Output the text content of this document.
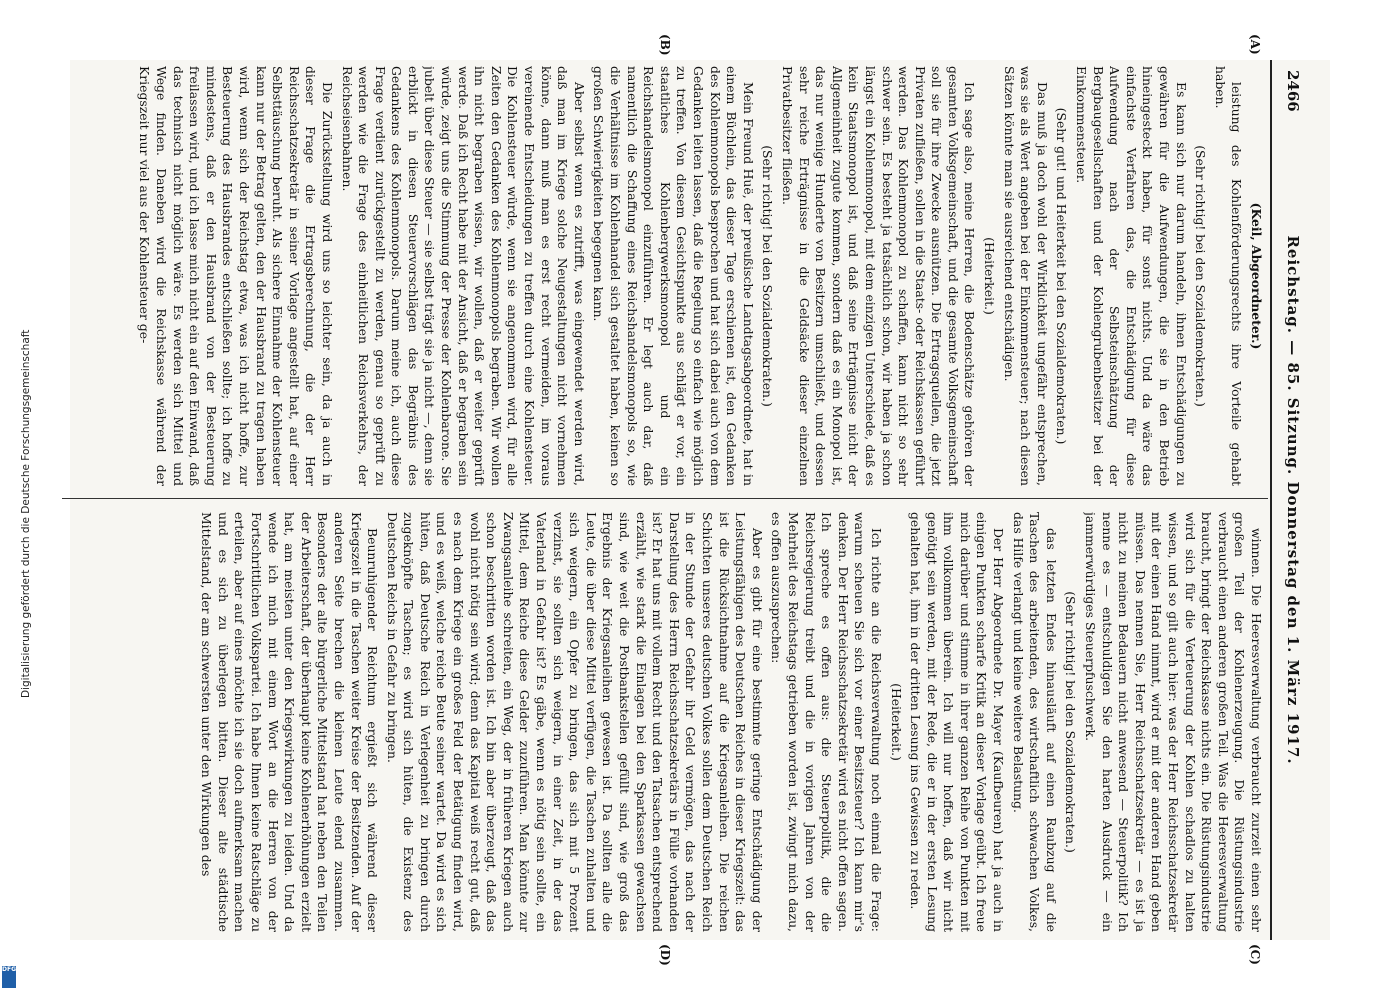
2466
Reichstag. — 85. Sitzung. Donnerstag den 1. März 1917.
(A)
(B)
(C)
(D)

(Keil, Abgeordneter.)

leistung des Kohlenförderungsrechts ihre Vorteile gehabt haben.

(Sehr richtig! bei den Sozialdemokraten.)

Es kann sich nur darum handeln, ihnen Entschädigungen zu gewähren für die Aufwendungen, die sie in den Betrieb hineingesteckt haben, für sonst nichts. Und da wäre das einfachste Verfahren das, die Entschädigung für diese Aufwendung nach der Selbsteinschätzung der Bergbaugesellschaften und der Kohlengrubenbesitzer bei der Einkommensteuer.

(Sehr gut! und Heiterkeit bei den Sozialdemokraten.)

Das muß ja doch wohl der Wirklichkeit ungefähr entsprechen, was sie als Wert angeben bei der Einkommensteuer; nach diesen Sätzen könnte man sie ausreichend entschädigen.

(Heiterkeit.)

Ich sage also, meine Herren, die Bodenschätze gehören der gesamten Volksgemeinschaft, und die gesamte Volksgemeinschaft soll sie für ihre Zwecke ausnützen. Die Ertragsquellen, die jetzt Privaten zufließen, sollen in die Staats- oder Reichskassen geführt werden. Das Kohlenmonopol zu schaffen, kann nicht so sehr schwer sein. Es besteht ja tatsächlich schon, wir haben ja schon längst ein Kohlenmonopol, mit dem einzigen Unterschiede, daß es kein Staatsmonopol ist, und daß seine Erträgnisse nicht der Allgemeinheit zugute kommen, sondern daß es ein Monopol ist, das nur wenige Hunderte von Besitzern umschließt, und dessen sehr reiche Erträgnisse in die Geldsäcke dieser einzelnen Privatbesitzer fließen.

(Sehr richtig! bei den Sozialdemokraten.)

Mein Freund Huë, der preußische Landtagsabgeordnete, hat in einem Büchlein, das dieser Tage erschienen ist, den Gedanken des Kohlenmonopols besprochen und hat sich dabei auch von dem Gedanken leiten lassen, daß die Regelung so einfach wie möglich zu treffen. Von diesem Gesichtspunkte aus schlägt er vor, ein staatliches Kohlenbergwerksmonopol und ein Reichshandelsmonopol einzuführen. Er legt auch dar, daß namentlich die Schaffung eines Reichshandelsmonopols so, wie die Verhältnisse im Kohlenhandel sich gestaltet haben, keinen so großen Schwierigkeiten begegnen kann.

Aber selbst wenn es zutrifft, was eingewendet werden wird, daß man im Kriege solche Neugestaltungen nicht vornehmen könne, dann muß man es erst recht vermeiden, im voraus vereinende Entscheidungen zu treffen durch eine Kohlensteuer. Die Kohlensteuer würde, wenn sie angenommen wird, für alle Zeiten den Gedanken des Kohlenmonopols begraben. Wir wollen ihn nicht begraben wissen, wir wollen, daß er weiter geprüft werde. Daß ich Recht habe mit der Ansicht, daß er begraben sein würde, zeigt uns die Stimmung der Presse der Kohlenbarone. Sie jubelt über diese Steuer — sie selbst trägt sie ja nicht —, denn sie erblickt in diesen Steuervorschlägen das Begräbnis des Gedankens des Kohlenmonopols. Darum meine ich, auch diese Frage verdient zurückgestellt zu werden, genau so geprüft zu werden wie die Frage des einheitlichen Reichsverkehrs, der Reichseisenbahnen.

Die Zurückstellung wird uns so leichter sein, da ja auch in dieser Frage die Ertragsberechnung, die der Herr Reichsschatzsekretär in seiner Vorlage angestellt hat, auf einer Selbsttäuschung beruht. Als sichere Einnahme der Kohlensteuer kann nur der Betrag gelten, den der Hausbrand zu tragen haben wird, wenn sich der Reichstag etwa, was ich nicht hoffe, zur Besteuerung des Hausbrandes entschließen sollte; ich hoffe zu mindestens, daß er den Hausbrand von der Besteuerung freilassen wird, und ich lasse mich nicht ein auf den Einwand, daß das technisch nicht möglich wäre. Es werden sich Mittel und Wege finden. Daneben wird die Reichskasse während der Kriegszeit nur viel aus der Kohlensteuer ge-

winnen. Die Heeresverwaltung verbraucht zurzeit einen sehr großen Teil der Kohlenerzeugung. Die Rüstungsindustrie verbraucht einen anderen großen Teil. Was die Heeresverwaltung braucht, bringt der Reichskasse nichts ein. Die Rüstungsindustrie wird sich für die Verteuerung der Kohlen schadlos zu halten wissen, und so gilt auch hier: was der Herr Reichsschatzsekretär mit der einen Hand nimmt, wird er mit der anderen Hand geben müssen. Das nennen Sie, Herr Reichsschatzsekretär — es ist ja nicht zu meinen Bedauern nicht anwesend — Steuerpolitik? Ich nenne es — entschuldigen Sie den harten Ausdruck — ein jammerwürdiges Steuerpfuschwerk.

(Sehr richtig! bei den Sozialdemokraten.)

das letzten Endes hinausläuft auf einen Raubzug auf die Taschen des arbeitenden, des wirtschaftlich schwachen Volkes, das Hilfe verlangt und keine weitere Belastung.

Der Herr Abgeordnete Dr. Mayer (Kaufbeuren) hat ja auch in einigen Punkten scharfe Kritik an dieser Vorlage geübt. Ich freue mich darüber und stimme in ihrer ganzen Reihe von Punkten mit ihm vollkommen überein. Ich will nur hoffen, daß wir nicht genötigt sein werden, mit der Rede, die er in der ersten Lesung gehalten hat, ihm in der dritten Lesung ins Gewissen zu reden.

(Heiterkeit.)

Ich richte an die Reichsverwaltung noch einmal die Frage: warum scheuen Sie sich vor einer Besitzsteuer? Ich kann mir's denken. Der Herr Reichsschatzsekretär wird es nicht offen sagen. Ich spreche es offen aus: die Steuerpolitik, die die Reichsregierung treibt und die in vorigen Jahren von der Mehrheit des Reichstags getrieben worden ist, zwingt mich dazu, es offen auszusprechen:

Aber es gibt für eine bestimmte geringe Entschädigung der Leistungsfähigen des Deutschen Reiches in dieser Kriegszeit: das ist die Rücksichtnahme auf die Kriegsanleihen. Die reichen Schichten unseres deutschen Volkes sollen dem Deutschen Reich in der Stunde der Gefahr ihr Geld vermögen, das nach der Darstellung des Herrn Reichsschatzsekretärs in Fülle vorhanden ist? Er hat uns mit vollem Recht und den Tatsachen entsprechend erzählt, wie stark die Einlagen bei den Sparkassen gewachsen sind, wie weit die Postbankstellen gefüllt sind, wie groß das Ergebnis der Kriegsanleihen gewesen ist. Da sollten alle die Leute, die über diese Mittel verfügen, die Taschen zuhalten und sich weigern, ein Opfer zu bringen, das sich mit 5 Prozent verzinst, sie sollten sich weigern, in einer Zeit, in der das Vaterland in Gefahr ist? Es gäbe, wenn es nötig sein sollte, ein Mittel, dem Reiche diese Gelder zuzuführen. Man könnte zur Zwangsanleihe schreiten, ein Weg, der in früheren Kriegen auch schon beschritten worden ist. Ich bin aber überzeugt, daß das wohl nicht nötig sein wird; denn das Kapital weiß recht gut, daß es nach dem Kriege ein großes Feld der Betätigung finden wird, und es weiß, welche reiche Beute seiner wartet. Da wird es sich hüten, daß Deutsche Reich in Verlegenheit zu bringen durch zugeknöpfte Taschen; es wird sich hüten, die Existenz des Deutschen Reichs in Gefahr zu bringen.

Beunruhigender Reichtum ergießt sich während dieser Kriegszeit in die Taschen weiter Kreise der Besitzenden. Auf der anderen Seite brechen die kleinen Leute elend zusammen. Besonders der alte bürgerliche Mittelstand hat neben den Teilen der Arbeiterschaft, der überhaupt keine Kohlenerhöhungen erzielt hat, am meisten unter den Kriegswirkungen zu leiden. Und da wende ich mich mit einem Wort an die Herren von der Fortschrittlichen Volkspartei. Ich habe Ihnen keine Ratschläge zu erteilen, aber auf eines möchte ich sie doch aufmerksam machen und es sich zu überlegen bitten. Dieser alte städtische Mittelstand, der am schwersten unter den Wirkungen des

Digitalisierung gefördert durch die Deutsche Forschungsgemeinschaft
DFG
